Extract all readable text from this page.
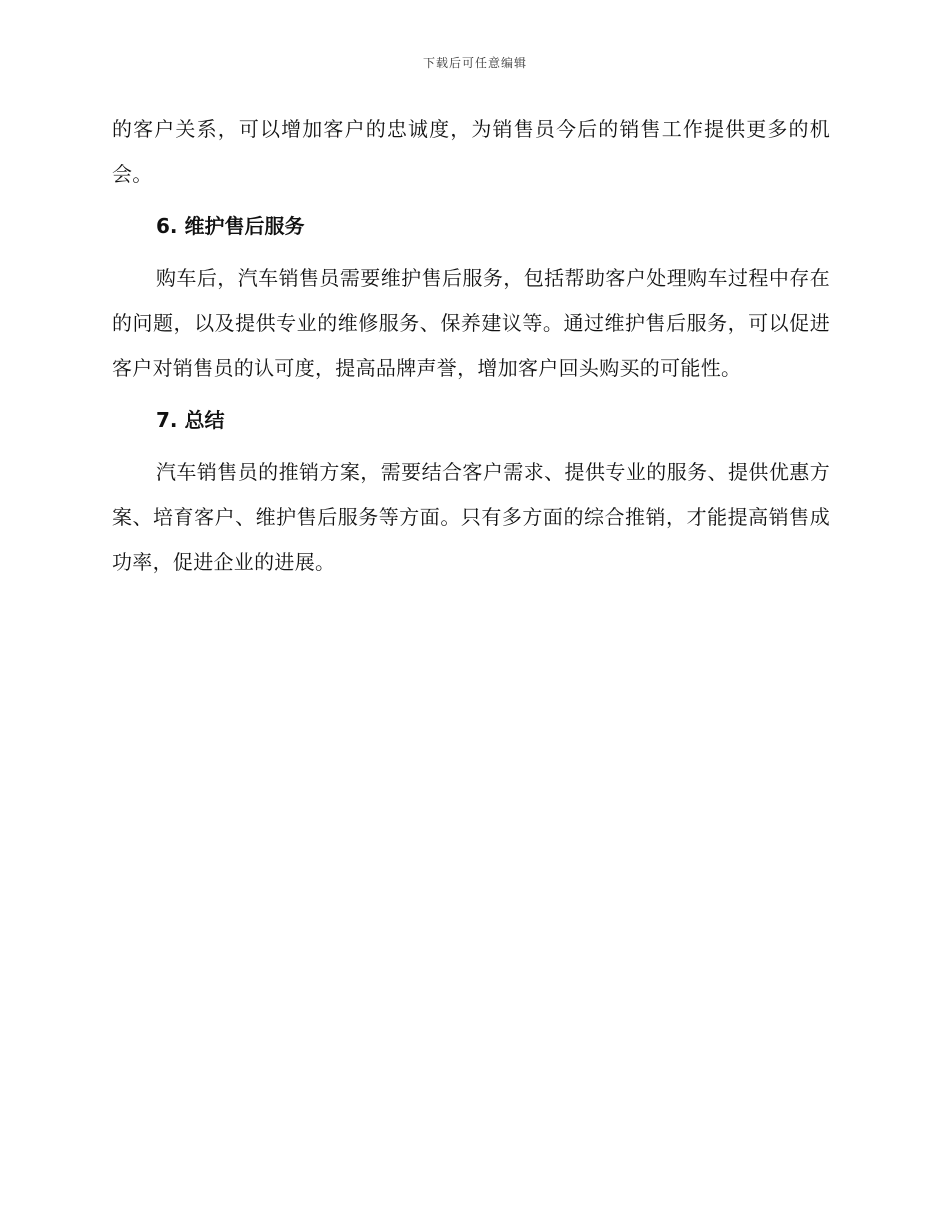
下载后可任意编辑

的客户关系，可以增加客户的忠诚度，为销售员今后的销售工作提供更多的机会。

6. 维护售后服务

购车后，汽车销售员需要维护售后服务，包括帮助客户处理购车过程中存在的问题，以及提供专业的维修服务、保养建议等。通过维护售后服务，可以促进客户对销售员的认可度，提高品牌声誉，增加客户回头购买的可能性。

7. 总结

汽车销售员的推销方案，需要结合客户需求、提供专业的服务、提供优惠方案、培育客户、维护售后服务等方面。只有多方面的综合推销，才能提高销售成功率，促进企业的进展。
